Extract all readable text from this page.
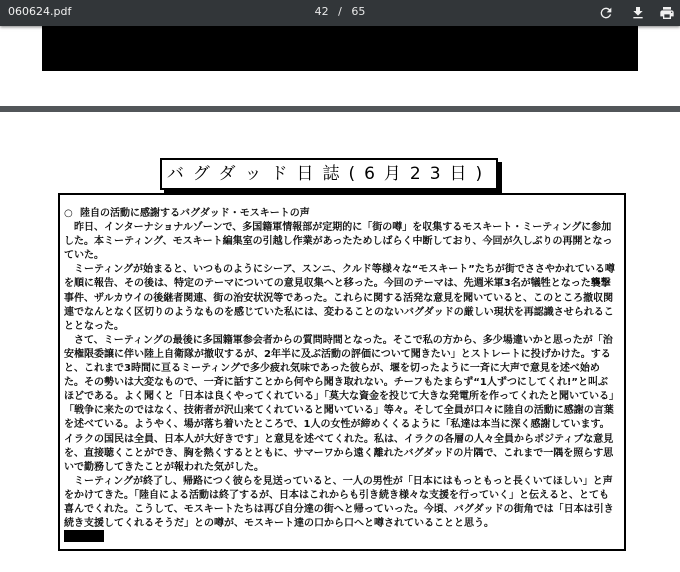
060624.pdf	42 / 65
バグダッド日誌(6月23日)

○ 陸自の活動に感謝するバグダッド・モスキートの声

昨日、インターナショナルゾーンで、多国籍軍情報部が定期的に「街の噂」を収集するモスキート・ミーティングに参加した。本ミーティング、モスキート編集室の引越し作業があったためしばらく中断しており、今回が久しぶりの再開となっていた。

ミーティングが始まると、いつものようにシーア、スンニ、クルド等様々な“モスキート”たちが街でささやかれている噂を順に報告、その後は、特定のテーマについての意見収集へと移った。今回のテーマは、先週米軍3名が犠牲となった襲撃事件、ザルカウイの後継者関連、街の治安状況等であった。これらに関する活発な意見を聞いていると、このところ撤収関連でなんとなく区切りのようなものを感じていた私には、変わることのないバグダッドの厳しい現状を再認識させられることとなった。

さて、ミーティングの最後に多国籍軍参会者からの質問時間となった。そこで私の方から、多少場違いかと思ったが「治安権限委譲に伴い陸上自衛隊が撤収するが、2年半に及ぶ活動の評価について聞きたい」とストレートに投げかけた。すると、これまで3時間に亘るミーティングで多少疲れ気味であった彼らが、堰を切ったように一斉に大声で意見を述べ始めた。その勢いは大変なもので、一斉に話すことから何やら聞き取れない。チーフもたまらず“1人ずつにしてくれ!”と叫ぶほどである。よく聞くと「日本は良くやってくれている」「莫大な資金を投じて大きな発電所を作ってくれたと聞いている」「戦争に来たのではなく、技術者が沢山来てくれていると聞いている」等々。そして全員が口々に陸自の活動に感謝の言葉を述べている。ようやく、場が落ち着いたところで、1人の女性が締めくくるように「私達は本当に深く感謝しています。イラクの国民は全員、日本人が大好きです」と意見を述べてくれた。私は、イラクの各層の人々全員からポジティブな意見を、直接聴くことができ、胸を熱くするとともに、サマーワから遠く離れたバグダッドの片隅で、これまで一隅を照らす思いで勤務してきたことが報われた気がした。

ミーティングが終了し、帰路につく彼らを見送っていると、一人の男性が「日本にはもっともっと長くいてほしい」と声をかけてきた。「陸自による活動は終了するが、日本はこれからも引き続き様々な支援を行っていく」と伝えると、とても喜んでくれた。こうして、モスキートたちは再び自分達の街へと帰っていった。今頃、バグダッドの街角では「日本は引き続き支援してくれるそうだ」との噂が、モスキート達の口から口へと噂されていることと思う。
